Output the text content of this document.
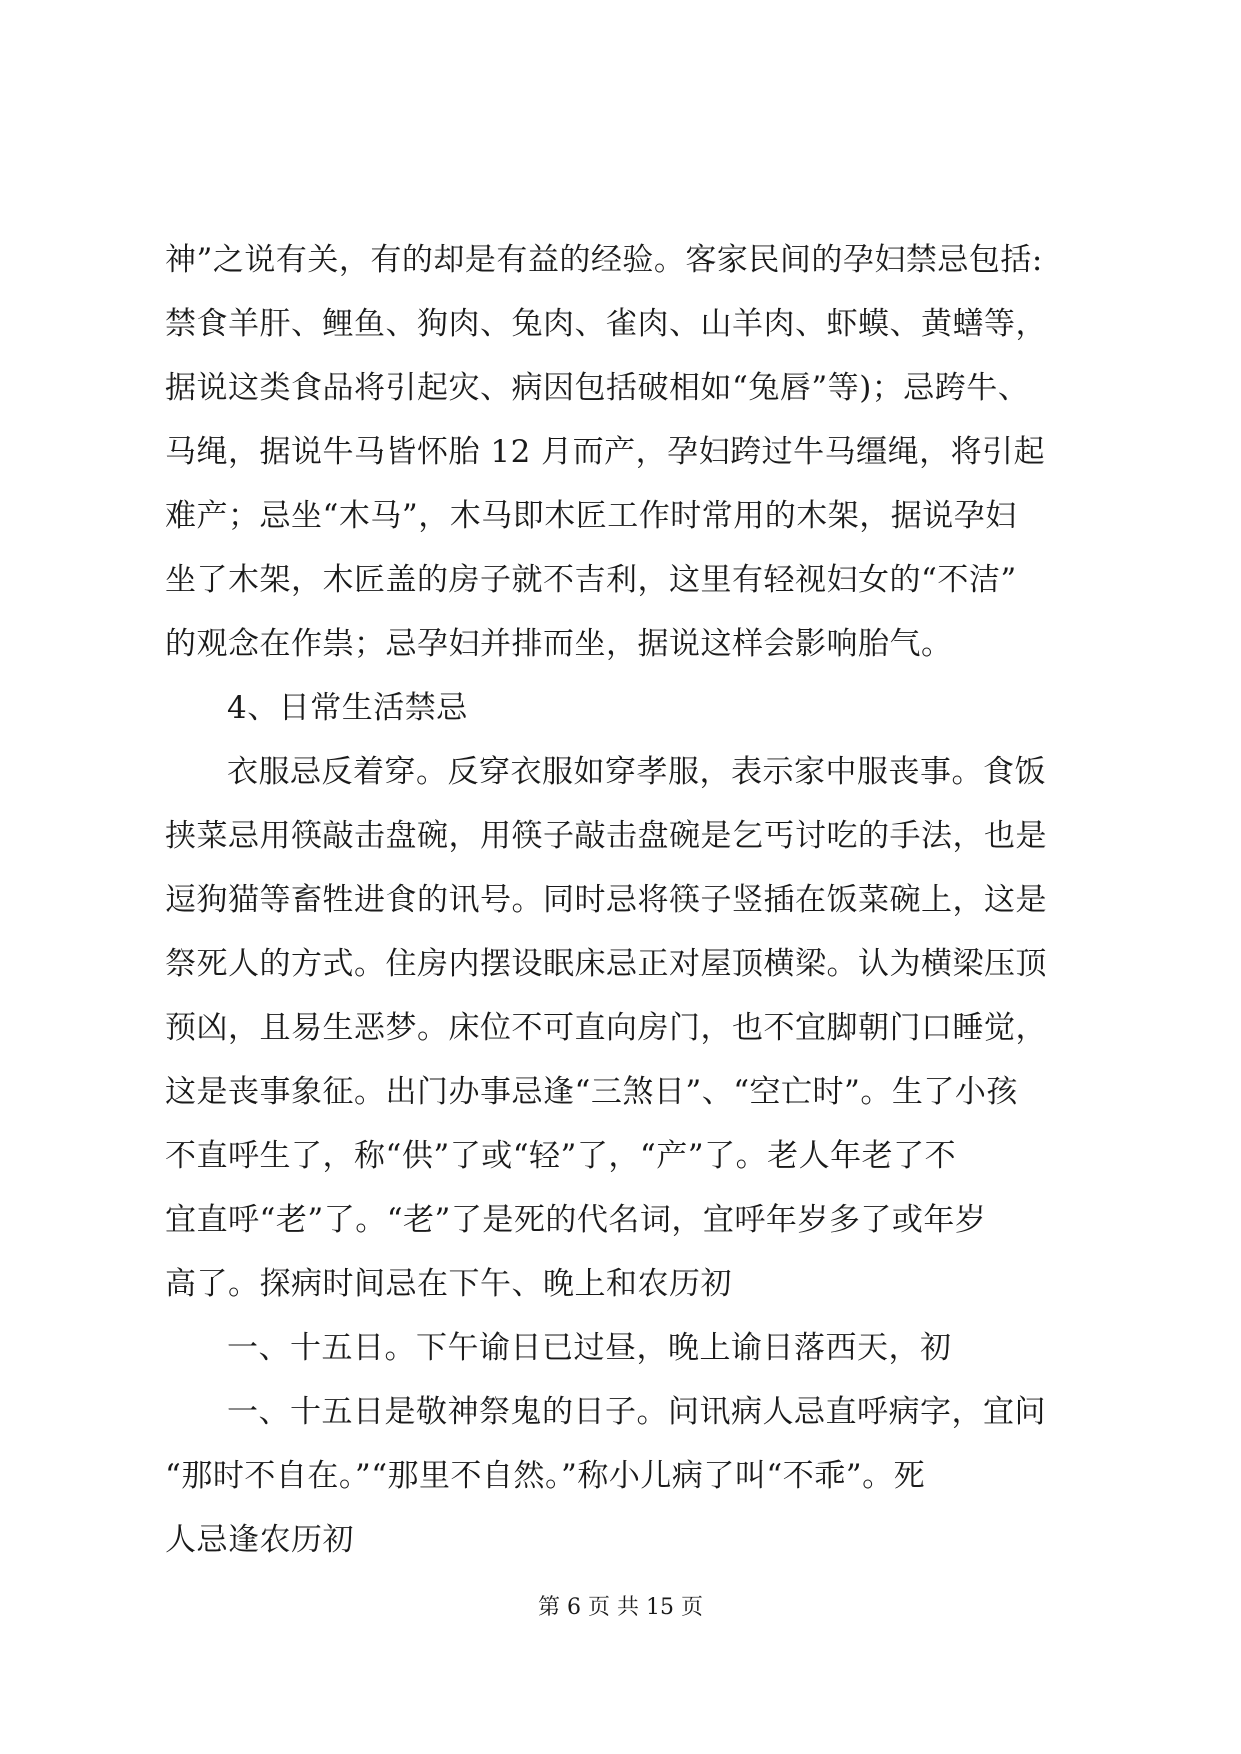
神”之说有关，有的却是有益的经验。客家民间的孕妇禁忌包括:
禁食羊肝、鲤鱼、狗肉、兔肉、雀肉、山羊肉、虾蟆、黄蟮等，
据说这类食品将引起灾、病因包括破相如“兔唇”等)；忌跨牛、
马绳，据说牛马皆怀胎 12 月而产，孕妇跨过牛马缰绳，将引起
难产；忌坐“木马”，木马即木匠工作时常用的木架，据说孕妇
坐了木架，木匠盖的房子就不吉利，这里有轻视妇女的“不洁”
的观念在作祟；忌孕妇并排而坐，据说这样会影响胎气。
4、日常生活禁忌
衣服忌反着穿。反穿衣服如穿孝服，表示家中服丧事。食饭
挟菜忌用筷敲击盘碗，用筷子敲击盘碗是乞丐讨吃的手法，也是
逗狗猫等畜牲进食的讯号。同时忌将筷子竖插在饭菜碗上，这是
祭死人的方式。住房内摆设眠床忌正对屋顶横梁。认为横梁压顶
预凶，且易生恶梦。床位不可直向房门，也不宜脚朝门口睡觉，
这是丧事象征。出门办事忌逢“三煞日”、“空亡时”。生了小孩
不直呼生了，称“供”了或“轻”了，“产”了。老人年老了不
宜直呼“老”了。“老”了是死的代名词，宜呼年岁多了或年岁
高了。探病时间忌在下午、晚上和农历初
一、十五日。下午谕日已过昼，晚上谕日落西天，初
一、十五日是敬神祭鬼的日子。问讯病人忌直呼病字，宜问
“那时不自在。”“那里不自然。”称小儿病了叫“不乖”。死
人忌逢农历初
第 6 页 共 15 页
